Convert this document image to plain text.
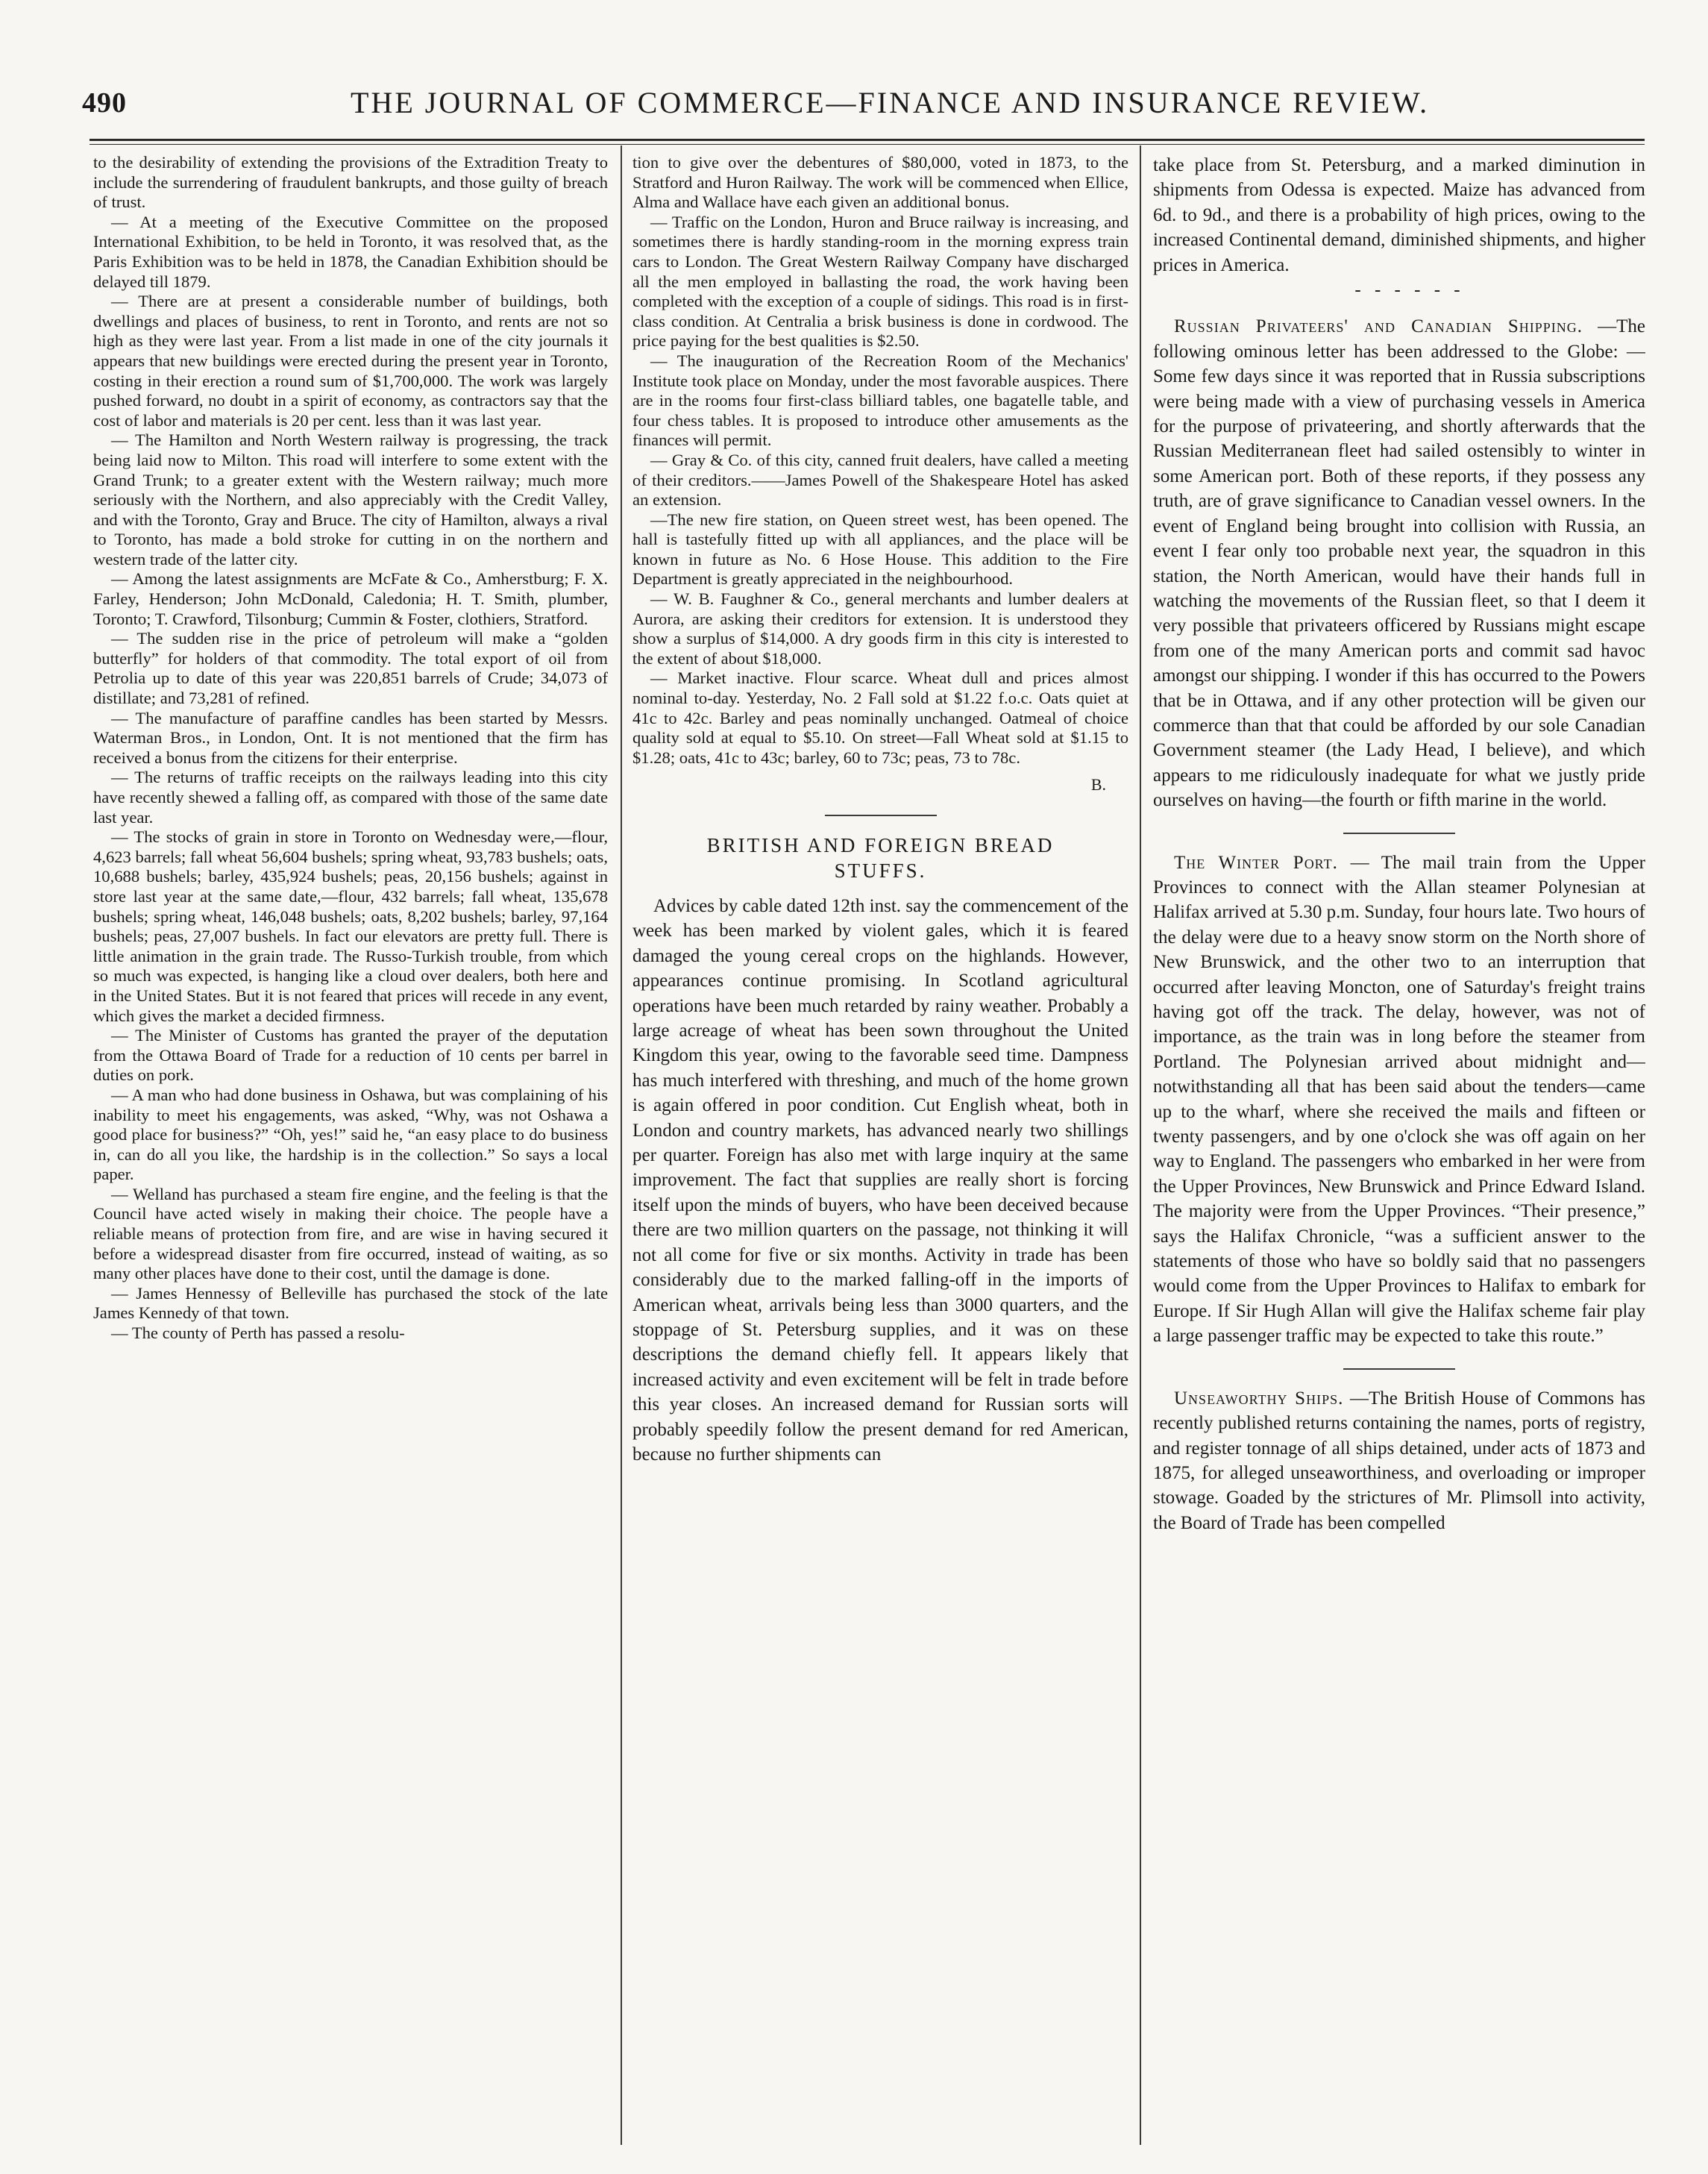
490	THE JOURNAL OF COMMERCE—FINANCE AND INSURANCE REVIEW.

to the desirability of extending the provisions of the Extradition Treaty to include the surrendering of fraudulent bankrupts, and those guilty of breach of trust.

— At a meeting of the Executive Committee on the proposed International Exhibition, to be held in Toronto, it was resolved that, as the Paris Exhibition was to be held in 1878, the Canadian Exhibition should be delayed till 1879.

— There are at present a considerable number of buildings, both dwellings and places of business, to rent in Toronto, and rents are not so high as they were last year. From a list made in one of the city journals it appears that new buildings were erected during the present year in Toronto, costing in their erection a round sum of $1,700,000. The work was largely pushed forward, no doubt in a spirit of economy, as contractors say that the cost of labor and materials is 20 per cent. less than it was last year.

— The Hamilton and North Western railway is progressing, the track being laid now to Milton. This road will interfere to some extent with the Grand Trunk; to a greater extent with the Western railway; much more seriously with the Northern, and also appreciably with the Credit Valley, and with the Toronto, Gray and Bruce. The city of Hamilton, always a rival to Toronto, has made a bold stroke for cutting in on the northern and western trade of the latter city.

— Among the latest assignments are McFate & Co., Amherstburg; F. X. Farley, Henderson; John McDonald, Caledonia; H. T. Smith, plumber, Toronto; T. Crawford, Tilsonburg; Cummin & Foster, clothiers, Stratford.

— The sudden rise in the price of petroleum will make a “golden butterfly” for holders of that commodity. The total export of oil from Petrolia up to date of this year was 220,851 barrels of Crude; 34,073 of distillate; and 73,281 of refined.

— The manufacture of paraffine candles has been started by Messrs. Waterman Bros., in London, Ont. It is not mentioned that the firm has received a bonus from the citizens for their enterprise.

— The returns of traffic receipts on the railways leading into this city have recently shewed a falling off, as compared with those of the same date last year.

— The stocks of grain in store in Toronto on Wednesday were,—flour, 4,623 barrels; fall wheat 56,604 bushels; spring wheat, 93,783 bushels; oats, 10,688 bushels; barley, 435,924 bushels; peas, 20,156 bushels; against in store last year at the same date,—flour, 432 barrels; fall wheat, 135,678 bushels; spring wheat, 146,048 bushels; oats, 8,202 bushels; barley, 97,164 bushels; peas, 27,007 bushels. In fact our elevators are pretty full. There is little animation in the grain trade. The Russo-Turkish trouble, from which so much was expected, is hanging like a cloud over dealers, both here and in the United States. But it is not feared that prices will recede in any event, which gives the market a decided firmness.

— The Minister of Customs has granted the prayer of the deputation from the Ottawa Board of Trade for a reduction of 10 cents per barrel in duties on pork.

— A man who had done business in Oshawa, but was complaining of his inability to meet his engagements, was asked, “Why, was not Oshawa a good place for business?” “Oh, yes!” said he, “an easy place to do business in, can do all you like, the hardship is in the collection.” So says a local paper.

— Welland has purchased a steam fire engine, and the feeling is that the Council have acted wisely in making their choice. The people have a reliable means of protection from fire, and are wise in having secured it before a widespread disaster from fire occurred, instead of waiting, as so many other places have done to their cost, until the damage is done.

— James Hennessy of Belleville has purchased the stock of the late James Kennedy of that town.

— The county of Perth has passed a resolu-

tion to give over the debentures of $80,000, voted in 1873, to the Stratford and Huron Railway. The work will be commenced when Ellice, Alma and Wallace have each given an additional bonus.

— Traffic on the London, Huron and Bruce railway is increasing, and sometimes there is hardly standing-room in the morning express train cars to London. The Great Western Railway Company have discharged all the men employed in ballasting the road, the work having been completed with the exception of a couple of sidings. This road is in first-class condition. At Centralia a brisk business is done in cordwood. The price paying for the best qualities is $2.50.

— The inauguration of the Recreation Room of the Mechanics' Institute took place on Monday, under the most favorable auspices. There are in the rooms four first-class billiard tables, one bagatelle table, and four chess tables. It is proposed to introduce other amusements as the finances will permit.

— Gray & Co. of this city, canned fruit dealers, have called a meeting of their creditors.——James Powell of the Shakespeare Hotel has asked an extension.

—The new fire station, on Queen street west, has been opened. The hall is tastefully fitted up with all appliances, and the place will be known in future as No. 6 Hose House. This addition to the Fire Department is greatly appreciated in the neighbourhood.

— W. B. Faughner & Co., general merchants and lumber dealers at Aurora, are asking their creditors for extension. It is understood they show a surplus of $14,000. A dry goods firm in this city is interested to the extent of about $18,000.

— Market inactive. Flour scarce. Wheat dull and prices almost nominal to-day. Yesterday, No. 2 Fall sold at $1.22 f.o.c. Oats quiet at 41c to 42c. Barley and peas nominally unchanged. Oatmeal of choice quality sold at equal to $5.10. On street—Fall Wheat sold at $1.15 to $1.28; oats, 41c to 43c; barley, 60 to 73c; peas, 73 to 78c.

B.
BRITISH AND FOREIGN BREAD
STUFFS.

Advices by cable dated 12th inst. say the commencement of the week has been marked by violent gales, which it is feared damaged the young cereal crops on the highlands. However, appearances continue promising. In Scotland agricultural operations have been much retarded by rainy weather. Probably a large acreage of wheat has been sown throughout the United Kingdom this year, owing to the favorable seed time. Dampness has much interfered with threshing, and much of the home grown is again offered in poor condition. Cut English wheat, both in London and country markets, has advanced nearly two shillings per quarter. Foreign has also met with large inquiry at the same improvement. The fact that supplies are really short is forcing itself upon the minds of buyers, who have been deceived because there are two million quarters on the passage, not thinking it will not all come for five or six months. Activity in trade has been considerably due to the marked falling-off in the imports of American wheat, arrivals being less than 3000 quarters, and the stoppage of St. Petersburg supplies, and it was on these descriptions the demand chiefly fell. It appears likely that increased activity and even excitement will be felt in trade before this year closes. An increased demand for Russian sorts will probably speedily follow the present demand for red American, because no further shipments can

take place from St. Petersburg, and a marked diminution in shipments from Odessa is expected. Maize has advanced from 6d. to 9d., and there is a probability of high prices, owing to the increased Continental demand, diminished shipments, and higher prices in America.

- - - - - -

Russian Privateers' and Canadian Shipping. —The following ominous letter has been addressed to the Globe: —Some few days since it was reported that in Russia subscriptions were being made with a view of purchasing vessels in America for the purpose of privateering, and shortly afterwards that the Russian Mediterranean fleet had sailed ostensibly to winter in some American port. Both of these reports, if they possess any truth, are of grave significance to Canadian vessel owners. In the event of England being brought into collision with Russia, an event I fear only too probable next year, the squadron in this station, the North American, would have their hands full in watching the movements of the Russian fleet, so that I deem it very possible that privateers officered by Russians might escape from one of the many American ports and commit sad havoc amongst our shipping. I wonder if this has occurred to the Powers that be in Ottawa, and if any other protection will be given our commerce than that that could be afforded by our sole Canadian Government steamer (the Lady Head, I believe), and which appears to me ridiculously inadequate for what we justly pride ourselves on having—the fourth or fifth marine in the world.

The Winter Port. — The mail train from the Upper Provinces to connect with the Allan steamer Polynesian at Halifax arrived at 5.30 p.m. Sunday, four hours late. Two hours of the delay were due to a heavy snow storm on the North shore of New Brunswick, and the other two to an interruption that occurred after leaving Moncton, one of Saturday's freight trains having got off the track. The delay, however, was not of importance, as the train was in long before the steamer from Portland. The Polynesian arrived about midnight and—notwithstanding all that has been said about the tenders—came up to the wharf, where she received the mails and fifteen or twenty passengers, and by one o'clock she was off again on her way to England. The passengers who embarked in her were from the Upper Provinces, New Brunswick and Prince Edward Island. The majority were from the Upper Provinces. “Their presence,” says the Halifax Chronicle, “was a sufficient answer to the statements of those who have so boldly said that no passengers would come from the Upper Provinces to Halifax to embark for Europe. If Sir Hugh Allan will give the Halifax scheme fair play a large passenger traffic may be expected to take this route.”

Unseaworthy Ships. —The British House of Commons has recently published returns containing the names, ports of registry, and register tonnage of all ships detained, under acts of 1873 and 1875, for alleged unseaworthiness, and overloading or improper stowage. Goaded by the strictures of Mr. Plimsoll into activity, the Board of Trade has been compelled
